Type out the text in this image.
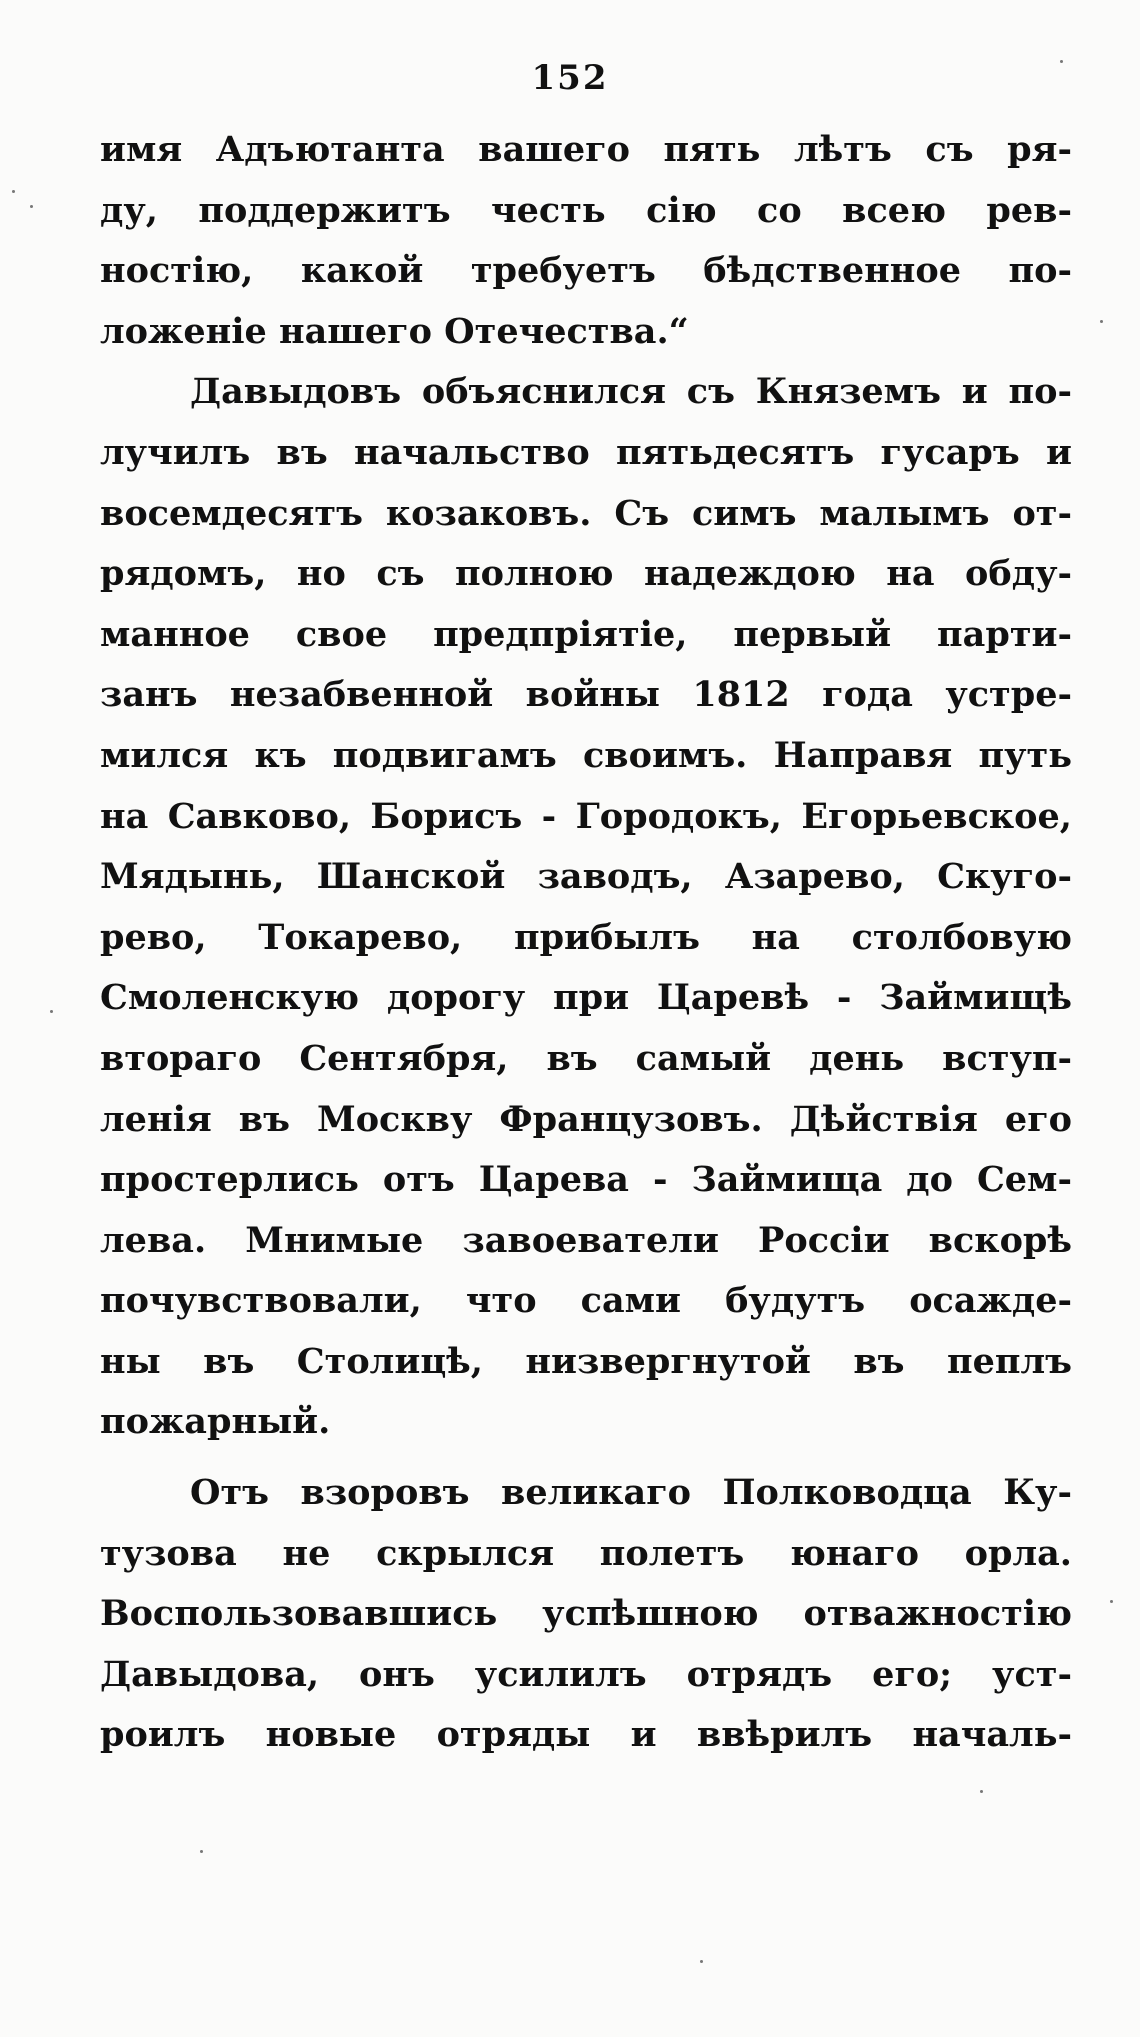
152
имя Адъютанта вашего пять лѣтъ съ ря-
ду, поддержитъ честь сію со всею рев-
ностію, какой требуетъ бѣдственное по-
ложеніе нашего Отечества.“
Давыдовъ объяснился съ Княземъ и по-
лучилъ въ начальство пятьдесятъ гусаръ и
восемдесятъ козаковъ. Съ симъ малымъ от-
рядомъ, но съ полною надеждою на обду-
манное свое предпріятіе, первый парти-
занъ незабвенной войны 1812 года устре-
мился къ подвигамъ своимъ. Направя путь
на Савково, Борисъ - Городокъ, Егорьевское,
Мядынь, Шанской заводъ, Азарево, Скуго-
рево, Токарево, прибылъ на столбовую
Смоленскую дорогу при Царевѣ - Займищѣ
втораго Сентября, въ самый день вступ-
ленія въ Москву Французовъ. Дѣйствія его
простерлись отъ Царева - Займища до Сем-
лева. Мнимые завоеватели Россіи вскорѣ
почувствовали, что сами будутъ осажде-
ны въ Столицѣ, низвергнутой въ пеплъ
пожарный.
Отъ взоровъ великаго Полководца Ку-
тузова не скрылся полетъ юнаго орла.
Воспользовавшись успѣшною отважностію
Давыдова, онъ усилилъ отрядъ его; уст-
роилъ новые отряды и ввѣрилъ началь-
